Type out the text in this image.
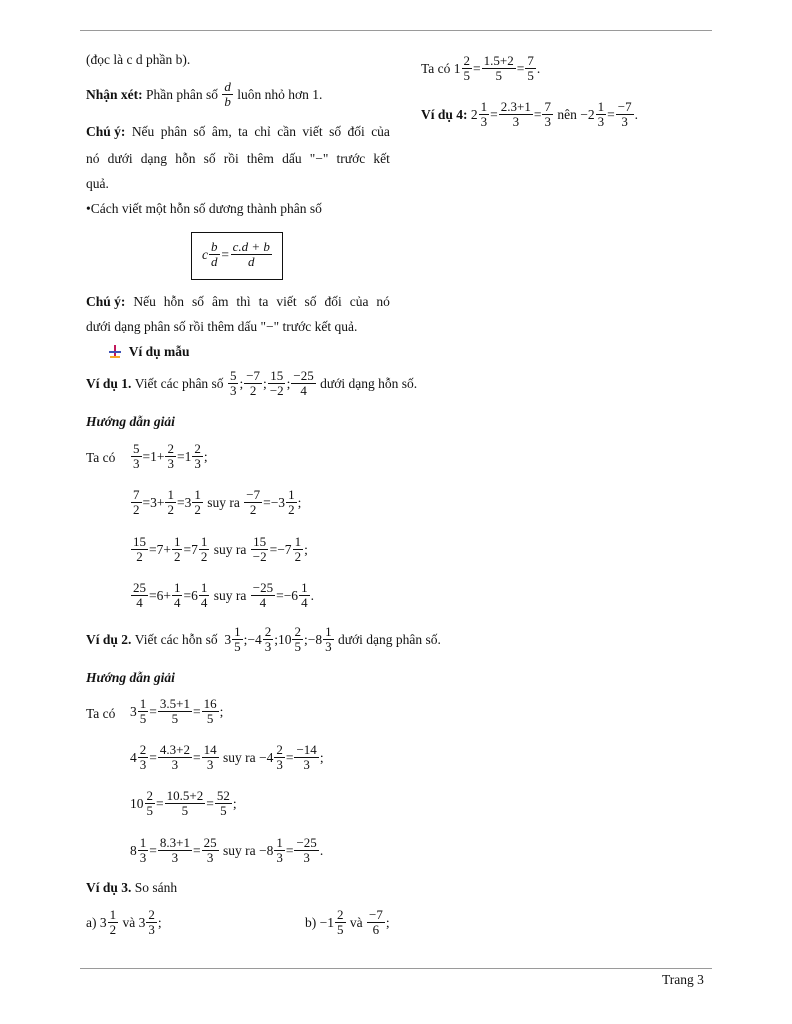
(đọc là c d phần b).
Nhận xét:
Phần phân số
d
b
luôn nhỏ hơn 1.
Chú ý: Nếu phân số âm, ta chỉ cần viết số đối của
nó dưới dạng hỗn số rồi thêm dấu "−" trước kết
quả.
•Cách viết một hỗn số dương thành phân số
c $\frac{b}{d} = \frac{c.d + b}{d}$
Chú ý: Nếu hỗn số âm thì ta viết số đối của nó
dưới dạng phân số rồi thêm dấu "−" trước kết quả.

Ví dụ mẫu
Ví dụ 1.
Viết các phân số
5
3 ; −7
2 ; 15
−2 ; −25
4
dưới dạng hỗn số.
Hướng dẫn giải
Ta có
5
3 =1+ 2
3 =1 2
3 ;
7
2 =3+ 1
2 =3 1
2
suy ra
−7
2 =−3 1
2 ;
15
2 =7+ 1
2 =7 1
2
suy ra
15
−2 =−7 1
2 ;
25
4 =6+ 1
4 =6 1
4
suy ra
−25
4 =−6 1
4 .
Ví dụ 2.
Viết các hỗn số 3 1
5 ;−4 2
3 ;10 2
5 ;−8 1
3
dưới dạng phân số.
Hướng dẫn giải
Ta có 3 1
5 = 3.5+1
5 = 16
5 ;
4 2
3 = 4.3+2
3 = 14
3
suy ra −4 2
3 = −14
3 ;
10 2
5 = 10.5+2
5 = 52
5 ;
8 1
3 = 8.3+1
3 = 25
3
suy ra −8 1
3 = −25
3 .
Ví dụ 3. So sánh
a) 3 1
2
và 3 2
3 ;	b) −1 2
5
và
−7
6 ;
Ta có 1 2
5 = 1.5+2
5 = 7
5 .
Ví dụ 4: 2 1
3 = 2.3+1
3 = 7
3
nên −2 1
3 = −7
3 .
Trang 3
